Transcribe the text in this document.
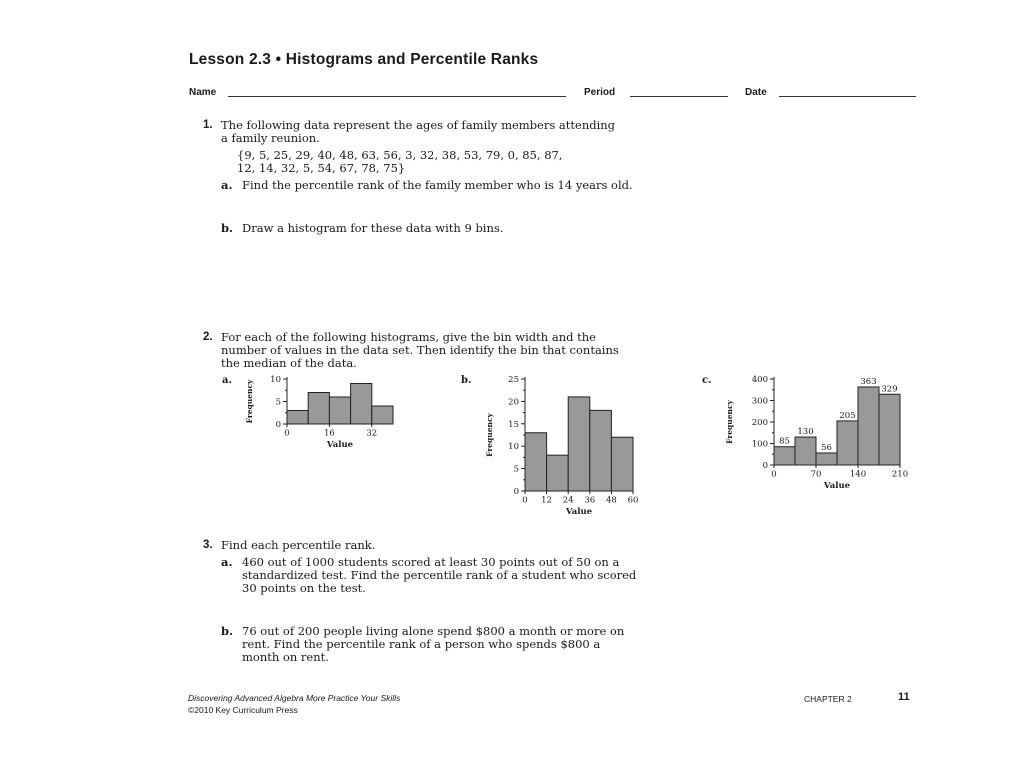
Lesson 2.3 • Histograms and Percentile Ranks
Name	Period	Date
1. The following data represent the ages of family members attending
a family reunion.
{9, 5, 25, 29, 40, 48, 63, 56, 3, 32, 38, 53, 79, 0, 85, 87,
12, 14, 32, 5, 54, 67, 78, 75}
a. Find the percentile rank of the family member who is 14 years old.
b. Draw a histogram for these data with 9 bins.
2. For each of the following histograms, give the bin width and the
number of values in the data set. Then identify the bin that contains
the median of the data.
a.	b.	c.
0
5
10
0	16	32
Value
Frequency
0
5
10
15
20
25
0 12 24 36 48 60
Value
Frequency	85
130
56
205
363
329
0
100
200
300
400
0	70	140	210
Value
Frequency
3. Find each percentile rank.
a. 460 out of 1000 students scored at least 30 points out of 50 on a
standardized test. Find the percentile rank of a student who scored
30 points on the test.
b. 76 out of 200 people living alone spend $800 a month or more on
rent. Find the percentile rank of a person who spends $800 a
month on rent.
Discovering Advanced Algebra More Practice Your Skills
©2010 Key Curriculum Press
CHAPTER 2	11
